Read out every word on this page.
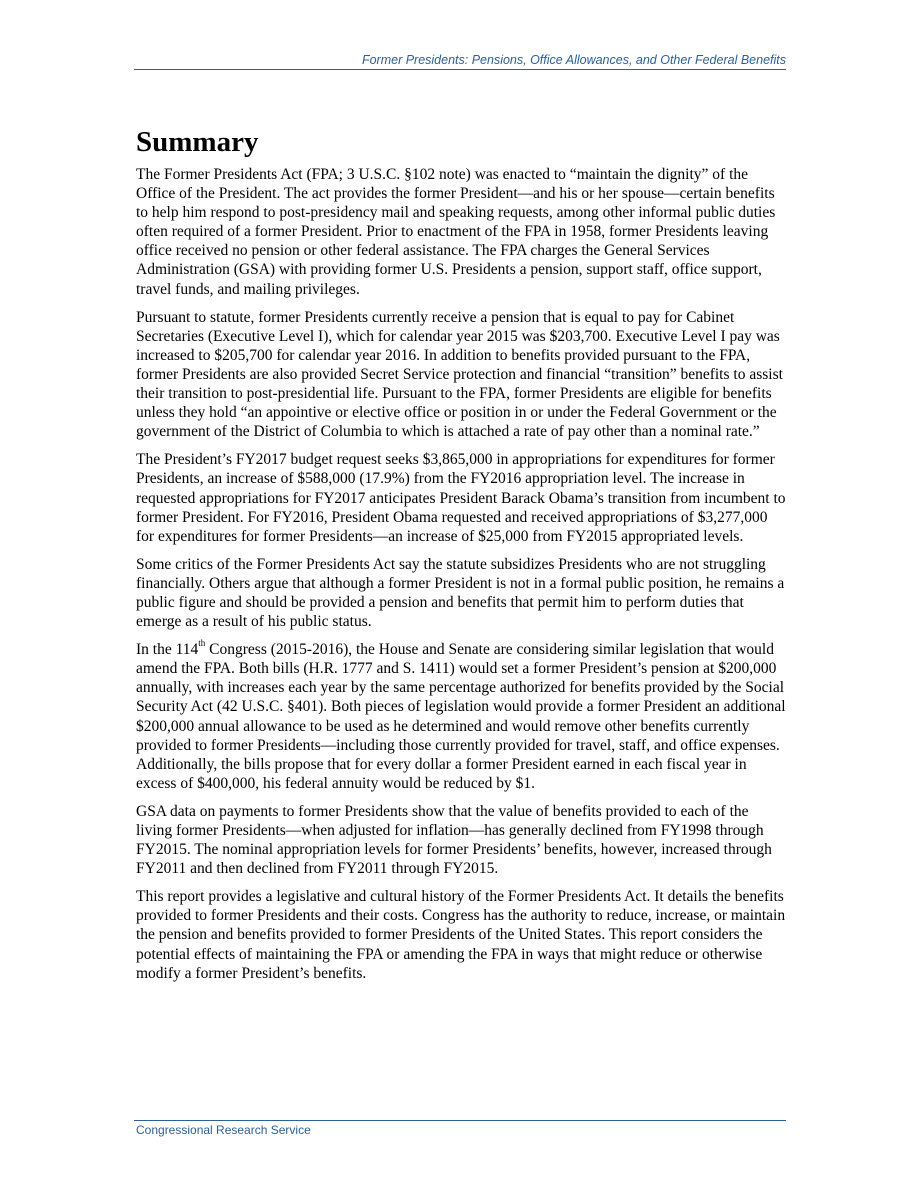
Former Presidents: Pensions, Office Allowances, and Other Federal Benefits
Summary

The Former Presidents Act (FPA; 3 U.S.C. §102 note) was enacted to “maintain the dignity” of the Office of the President. The act provides the former President—and his or her spouse—certain benefits to help him respond to post-presidency mail and speaking requests, among other informal public duties often required of a former President. Prior to enactment of the FPA in 1958, former Presidents leaving office received no pension or other federal assistance. The FPA charges the General Services Administration (GSA) with providing former U.S. Presidents a pension, support staff, office support, travel funds, and mailing privileges.

Pursuant to statute, former Presidents currently receive a pension that is equal to pay for Cabinet Secretaries (Executive Level I), which for calendar year 2015 was $203,700. Executive Level I pay was increased to $205,700 for calendar year 2016. In addition to benefits provided pursuant to the FPA, former Presidents are also provided Secret Service protection and financial “transition” benefits to assist their transition to post-presidential life. Pursuant to the FPA, former Presidents are eligible for benefits unless they hold “an appointive or elective office or position in or under the Federal Government or the government of the District of Columbia to which is attached a rate of pay other than a nominal rate.”

The President’s FY2017 budget request seeks $3,865,000 in appropriations for expenditures for former Presidents, an increase of $588,000 (17.9%) from the FY2016 appropriation level. The increase in requested appropriations for FY2017 anticipates President Barack Obama’s transition from incumbent to former President. For FY2016, President Obama requested and received appropriations of $3,277,000 for expenditures for former Presidents—an increase of $25,000 from FY2015 appropriated levels.

Some critics of the Former Presidents Act say the statute subsidizes Presidents who are not struggling financially. Others argue that although a former President is not in a formal public position, he remains a public figure and should be provided a pension and benefits that permit him to perform duties that emerge as a result of his public status.

In the 114th Congress (2015-2016), the House and Senate are considering similar legislation that would amend the FPA. Both bills (H.R. 1777 and S. 1411) would set a former President’s pension at $200,000 annually, with increases each year by the same percentage authorized for benefits provided by the Social Security Act (42 U.S.C. §401). Both pieces of legislation would provide a former President an additional $200,000 annual allowance to be used as he determined and would remove other benefits currently provided to former Presidents—including those currently provided for travel, staff, and office expenses. Additionally, the bills propose that for every dollar a former President earned in each fiscal year in excess of $400,000, his federal annuity would be reduced by $1.

GSA data on payments to former Presidents show that the value of benefits provided to each of the living former Presidents—when adjusted for inflation—has generally declined from FY1998 through FY2015. The nominal appropriation levels for former Presidents’ benefits, however, increased through FY2011 and then declined from FY2011 through FY2015.

This report provides a legislative and cultural history of the Former Presidents Act. It details the benefits provided to former Presidents and their costs. Congress has the authority to reduce, increase, or maintain the pension and benefits provided to former Presidents of the United States. This report considers the potential effects of maintaining the FPA or amending the FPA in ways that might reduce or otherwise modify a former President’s benefits.

Congressional Research Service
